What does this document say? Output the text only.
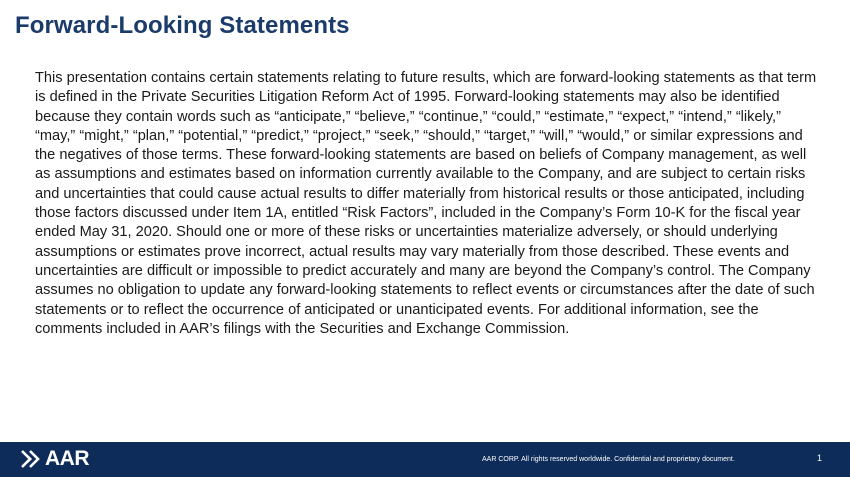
Forward-Looking Statements

This presentation contains certain statements relating to future results, which are forward-looking statements as that term is defined in the Private Securities Litigation Reform Act of 1995. Forward-looking statements may also be identified because they contain words such as “anticipate,” “believe,” “continue,” “could,” “estimate,” “expect,” “intend,” “likely,” “may,” “might,” “plan,” “potential,” “predict,” “project,” “seek,” “should,” “target,” “will,” “would,” or similar expressions and the negatives of those terms. These forward-looking statements are based on beliefs of Company management, as well as assumptions and estimates based on information currently available to the Company, and are subject to certain risks and uncertainties that could cause actual results to differ materially from historical results or those anticipated, including those factors discussed under Item 1A, entitled “Risk Factors”, included in the Company’s Form 10-K for the fiscal year ended May 31, 2020. Should one or more of these risks or uncertainties materialize adversely, or should underlying assumptions or estimates prove incorrect, actual results may vary materially from those described. These events and uncertainties are difficult or impossible to predict accurately and many are beyond the Company’s control. The Company assumes no obligation to update any forward-looking statements to reflect events or circumstances after the date of such statements or to reflect the occurrence of anticipated or unanticipated events. For additional information, see the comments included in AAR’s filings with the Securities and Exchange Commission.

AAR	AAR CORP. All rights reserved worldwide. Confidential and proprietary document.	1
